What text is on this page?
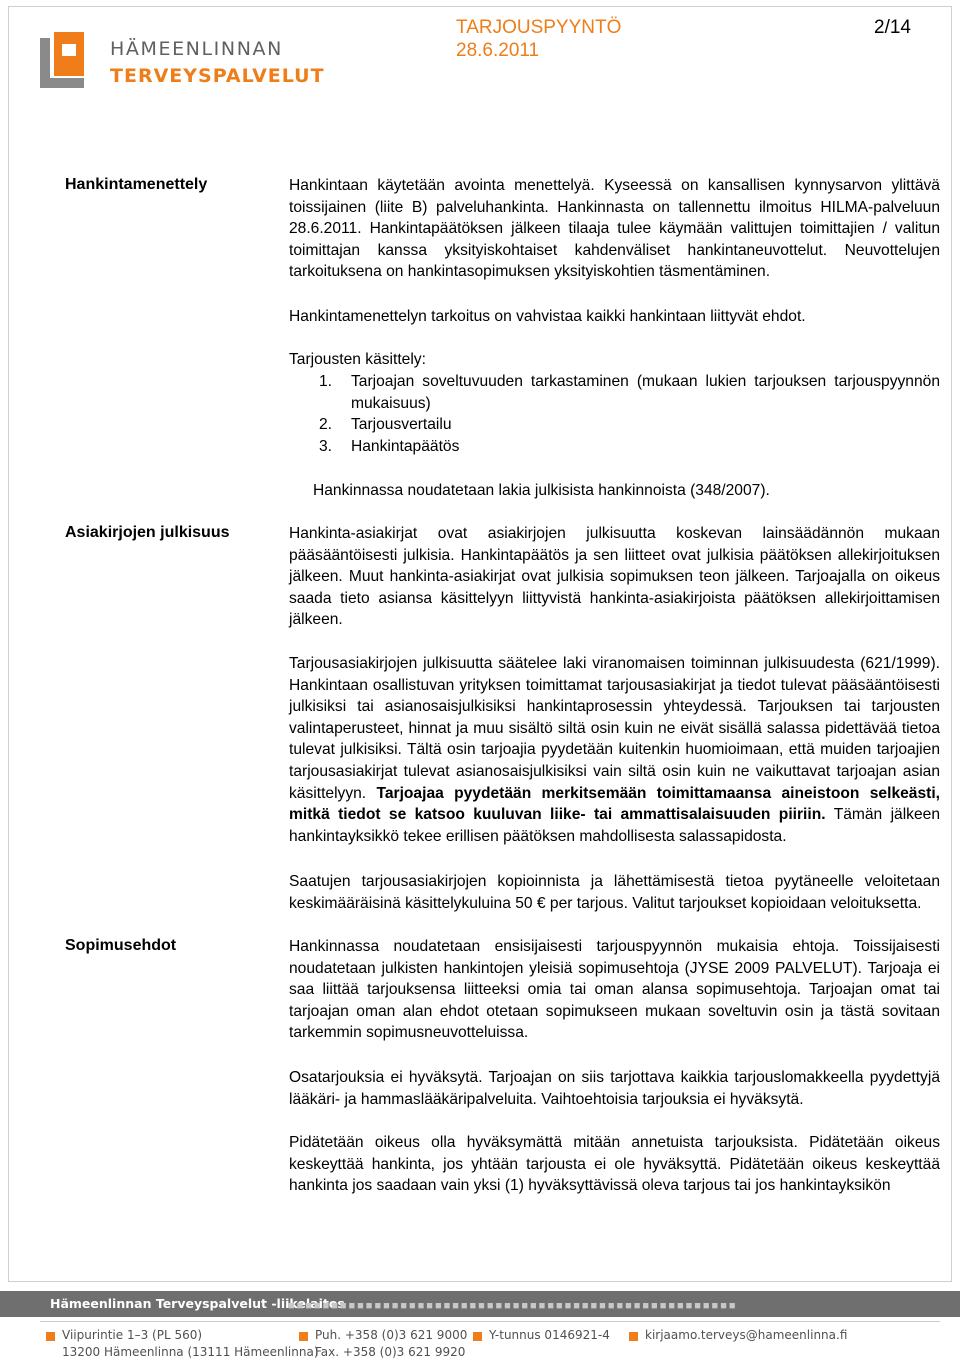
HÄMEENLINNAN
TERVEYSPALVELUT
TARJOUSPYYNTÖ
28.6.2011
2/14
Hankintamenettely	Hankintaan käytetään avointa menettelyä. Kyseessä on kansallisen kynnysarvon ylittävä toissijainen (liite B) palveluhankinta. Hankinnasta on tallennettu ilmoitus HILMA-palveluun 28.6.2011. Hankintapäätöksen jälkeen tilaaja tulee käymään valittujen toimittajien / valitun toimittajan kanssa yksityiskohtaiset kahdenväliset hankintaneuvottelut. Neuvottelujen tarkoituksena on hankintasopimuksen yksityiskohtien täsmentäminen.

Hankintamenettelyn tarkoitus on vahvistaa kaikki hankintaan liittyvät ehdot.

Tarjousten käsittely:

1. Tarjoajan soveltuvuuden tarkastaminen (mukaan lukien tarjouksen tarjouspyynnön mukaisuus)
2. Tarjousvertailu
3. Hankintapäätös

Hankinnassa noudatetaan lakia julkisista hankinnoista (348/2007).

Asiakirjojen julkisuus	Hankinta-asiakirjat ovat asiakirjojen julkisuutta koskevan lainsäädännön mukaan pääsääntöisesti julkisia. Hankintapäätös ja sen liitteet ovat julkisia päätöksen allekirjoituksen jälkeen. Muut hankinta-asiakirjat ovat julkisia sopimuksen teon jälkeen. Tarjoajalla on oikeus saada tieto asiansa käsittelyyn liittyvistä hankinta-asiakirjoista päätöksen allekirjoittamisen jälkeen.

Tarjousasiakirjojen julkisuutta säätelee laki viranomaisen toiminnan julkisuudesta (621/1999). Hankintaan osallistuvan yrityksen toimittamat tarjousasiakirjat ja tiedot tulevat pääsääntöisesti julkisiksi tai asianosaisjulkisiksi hankintaprosessin yhteydessä. Tarjouksen tai tarjousten valintaperusteet, hinnat ja muu sisältö siltä osin kuin ne eivät sisällä salassa pidettävää tietoa tulevat julkisiksi. Tältä osin tarjoajia pyydetään kuitenkin huomioimaan, että muiden tarjoajien tarjousasiakirjat tulevat asianosaisjulkisiksi vain siltä osin kuin ne vaikuttavat tarjoajan asian käsittelyyn. Tarjoajaa pyydetään merkitsemään toimittamaansa aineistoon selkeästi, mitkä tiedot se katsoo kuuluvan liike- tai ammattisalaisuuden piiriin. Tämän jälkeen hankintayksikkö tekee erillisen päätöksen mahdollisesta salassapidosta.

Saatujen tarjousasiakirjojen kopioinnista ja lähettämisestä tietoa pyytäneelle veloitetaan keskimääräisinä käsittelykuluina 50 € per tarjous. Valitut tarjoukset kopioidaan veloituksetta.

Sopimusehdot	Hankinnassa noudatetaan ensisijaisesti tarjouspyynnön mukaisia ehtoja. Toissijaisesti noudatetaan julkisten hankintojen yleisiä sopimusehtoja (JYSE 2009 PALVELUT). Tarjoaja ei saa liittää tarjouksensa liitteeksi omia tai oman alansa sopimusehtoja. Tarjoajan omat tai tarjoajan oman alan ehdot otetaan sopimukseen mukaan soveltuvin osin ja tästä sovitaan tarkemmin sopimusneuvotteluissa.

Osatarjouksia ei hyväksytä. Tarjoajan on siis tarjottava kaikkia tarjouslomakkeella pyydettyjä lääkäri- ja hammaslääkäripalveluita. Vaihtoehtoisia tarjouksia ei hyväksytä.

Pidätetään oikeus olla hyväksymättä mitään annetuista tarjouksista. Pidätetään oikeus keskeyttää hankinta, jos yhtään tarjousta ei ole hyväksyttä. Pidätetään oikeus keskeyttää hankinta jos saadaan vain yksi (1) hyväksyttävissä oleva tarjous tai jos hankintayksikön

Hämeenlinnan Terveyspalvelut -liikelaitos
■■■■■■■■■■■■■■■■■■■■■■■■■■■■■■■■■■■■■■■■■■■■■■■■■■■■
Viipurintie 1–3 (PL 560)
13200 Hämeenlinna (13111 Hämeenlinna)
Puh. +358 (0)3 621 9000
Fax. +358 (0)3 621 9920
Y-tunnus 0146921-4	kirjaamo.terveys@hameenlinna.fi
